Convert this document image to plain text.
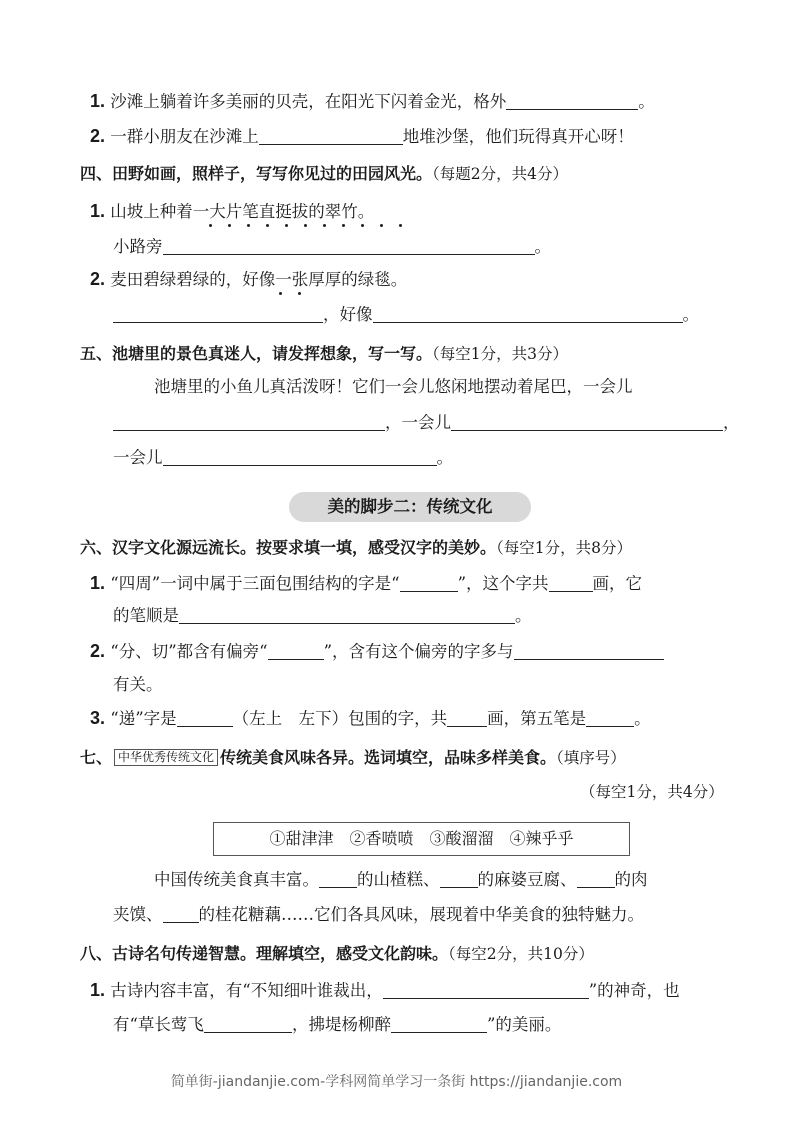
1. 沙滩上躺着许多美丽的贝壳，在阳光下闪着金光，格外	。
2. 一群小朋友在沙滩上	地堆沙堡，他们玩得真开心呀！
四、田野如画，照样子，写写你见过的田园风光。（每题2分，共4分）
1. 山坡上种着一大片笔直挺拔的翠竹。
小路旁	。
2. 麦田碧绿碧绿的，好像一张厚厚的绿毯。
，好像	。
五、池塘里的景色真迷人，请发挥想象，写一写。（每空1分，共3分）
池塘里的小鱼儿真活泼呀！它们一会儿悠闲地摆动着尾巴，一会儿
，一会儿	，
一会儿	。
美的脚步二：传统文化
六、汉字文化源远流长。按要求填一填，感受汉字的美妙。（每空1分，共8分）
1. “四周”一词中属于三面包围结构的字是“	”，这个字共	画，它
的笔顺是	。
2. “分、切”都含有偏旁“	”，含有这个偏旁的字多与
有关。
3. “递”字是	（左上　左下）包围的字，共 画，第五笔是	。
七、 中华优秀传统文化 传统美食风味各异。选词填空，品味多样美食。（填序号）
（每空1分，共4分）
①甜津津　②香喷喷　③酸溜溜　④辣乎乎
中国传统美食真丰富。 的山楂糕、 的麻婆豆腐、 的肉
夹馍、 的桂花糖藕……它们各具风味，展现着中华美食的独特魅力。
八、古诗名句传递智慧。理解填空，感受文化韵味。（每空2分，共10分）
1. 古诗内容丰富，有“不知细叶谁裁出，	”的神奇，也
有“草长莺飞	，拂堤杨柳醉	”的美丽。
简单街-jiandanjie.com-学科网简单学习一条街 https://jiandanjie.com
